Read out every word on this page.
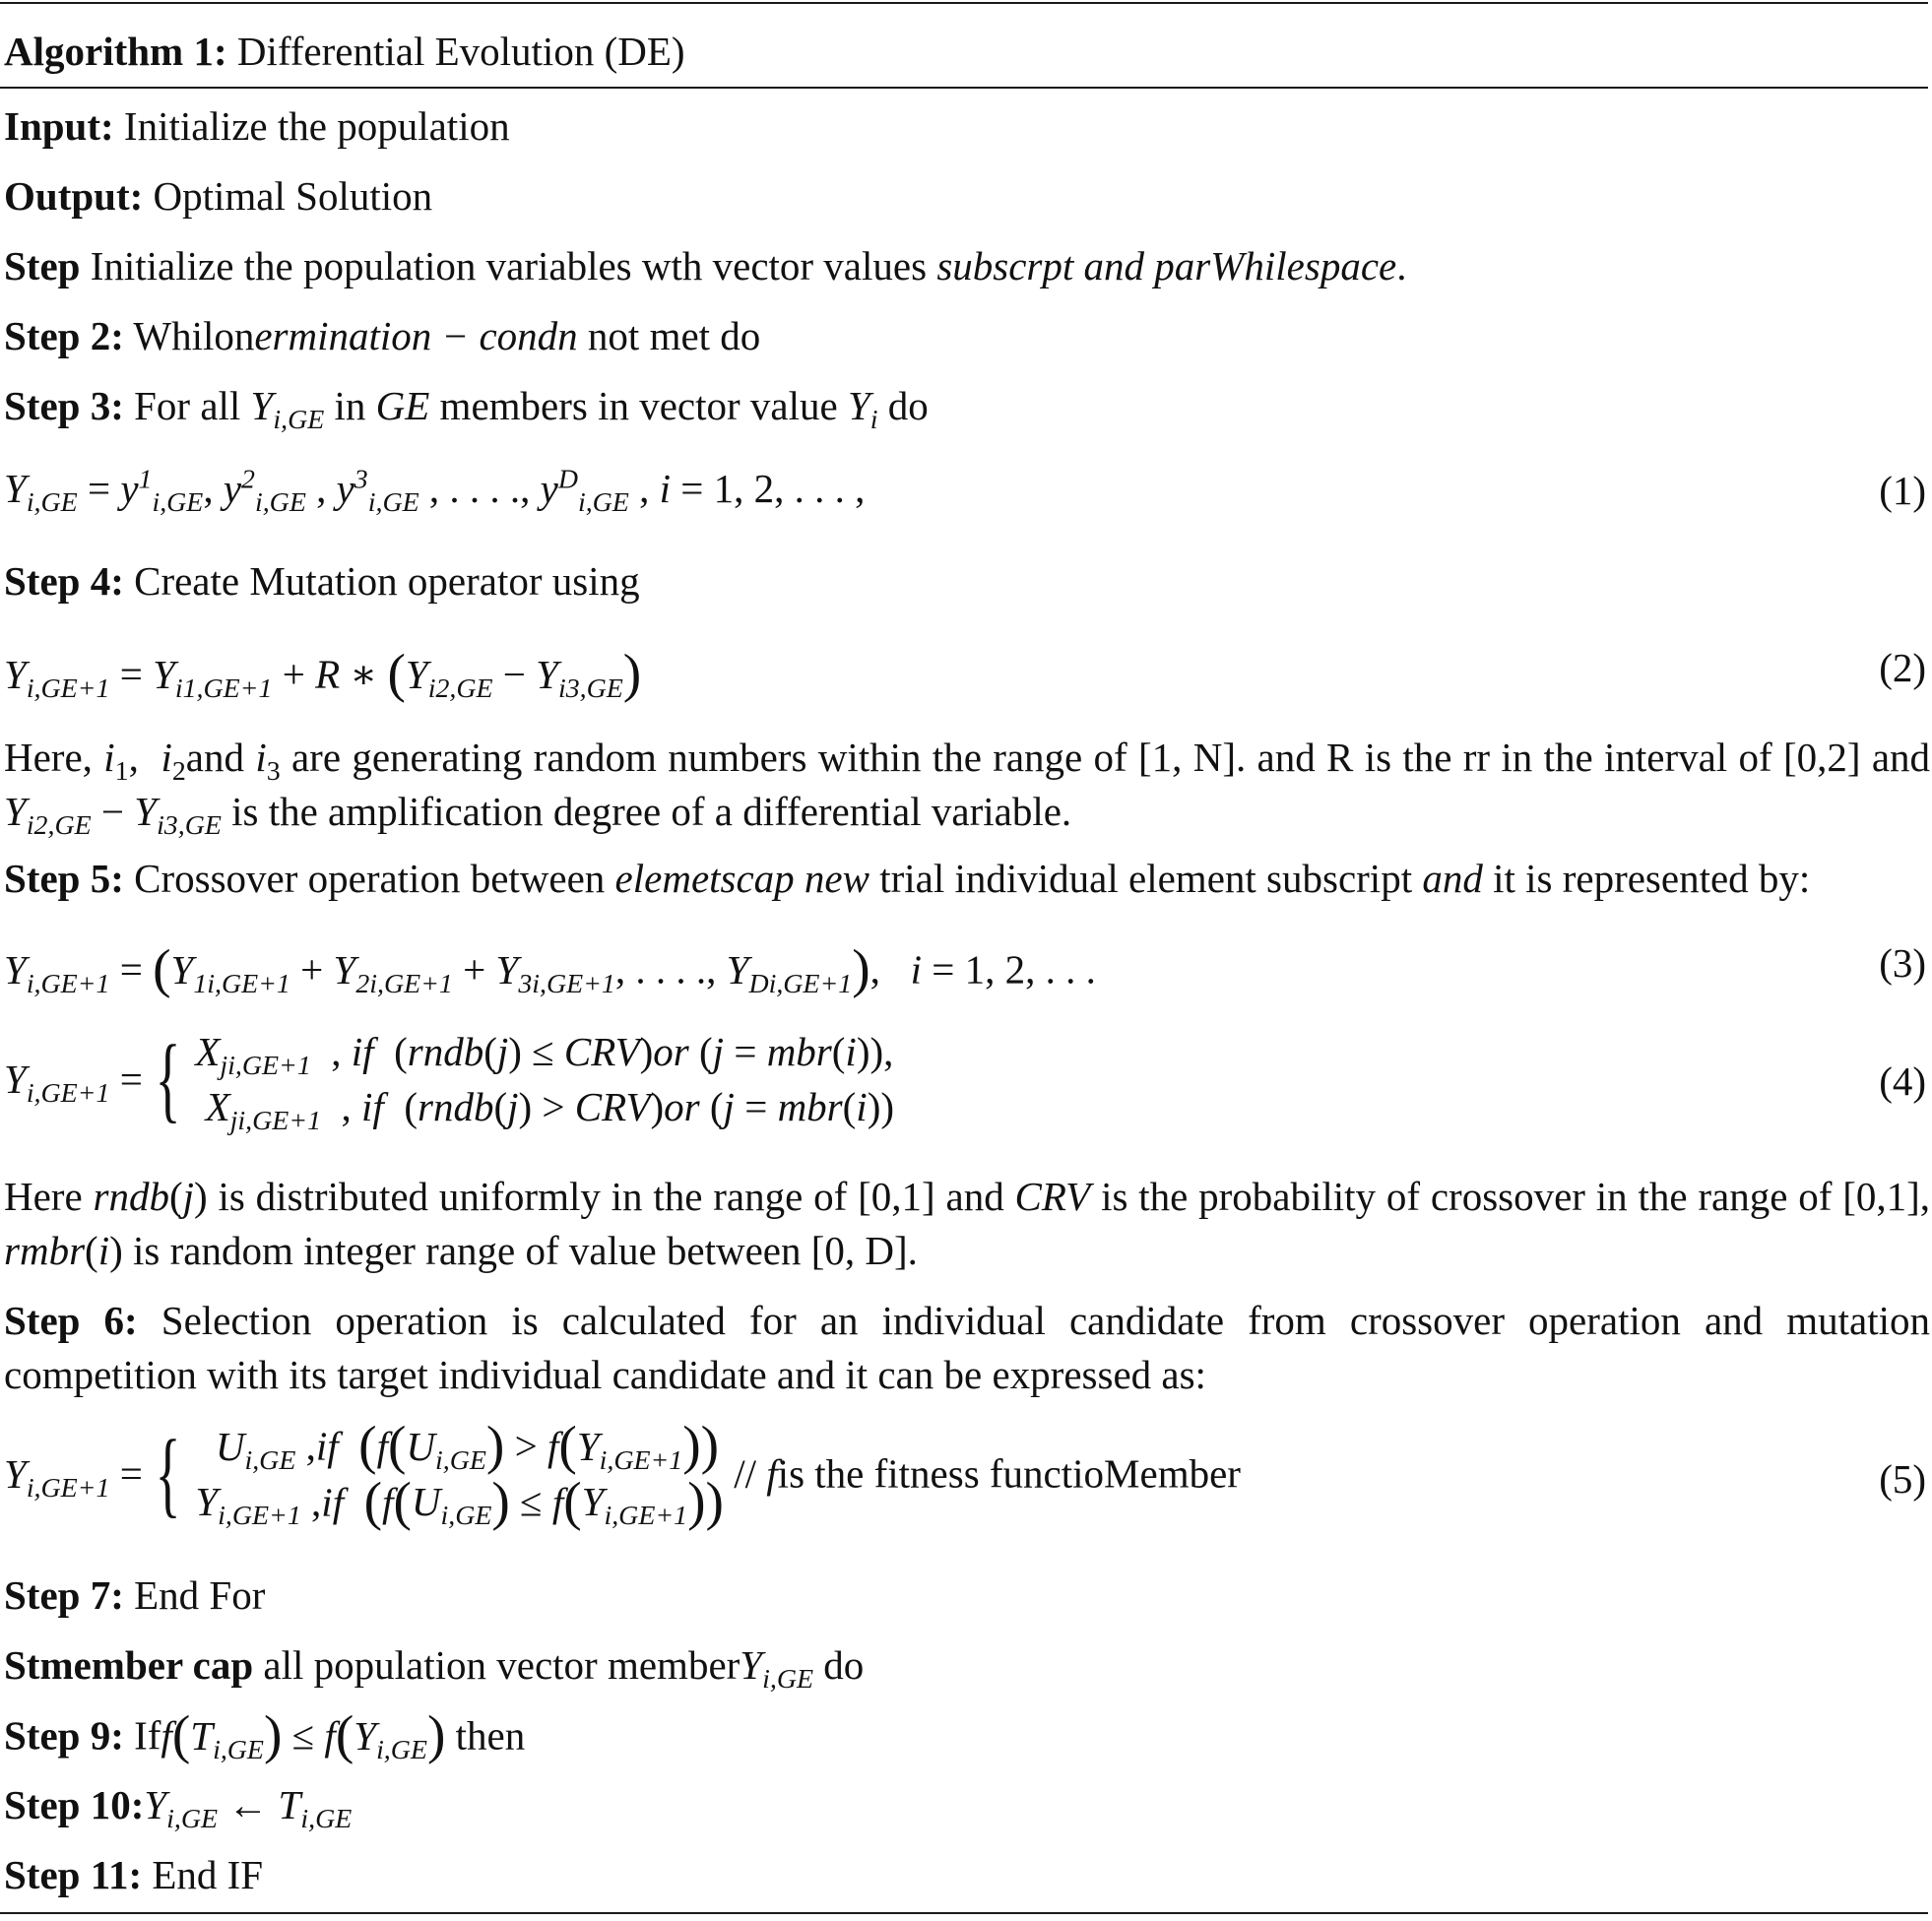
Algorithm 1: Differential Evolution (DE)
Input: Initialize the population
Output: Optimal Solution
Step Initialize the population variables wth vector values subscrpt and parWhilespace.
Step 2: Whilonermination − condn not met do
Step 3: For all $Y_{i,GE}$ in GE members in vector value $Y_i$ do
$Y_{i,GE} = y^1_{i,GE}$, $y^2_{i,GE}$ , $y^3_{i,GE}$ , . . . ., $y^D_{i,GE}$ , i = 1, 2, . . . ,	(1)
Step 4: Create Mutation operator using
$Y_{i,GE+1} = Y_{i1,GE+1} + R$ ∗ $(Y_{i2,GE} - Y_{i3,GE})$	(2)
Here, $i_1$,  $i_2and$ $i_3$ are generating random numbers within the range of [1, N]. and R is the rr in the interval of [0,2] and $Y_{i2,GE} - Y_{i3,GE}$ is the amplification degree of a differential variable.
Step 5: Crossover operation between elemetscap new trial individual element subscript and it is represented by:
$Y_{i,GE+1} = (Y_{1i,GE+1} + Y_{2i,GE+1} + Y_{3i,GE+1}$, . . . ., $Y_{Di,GE+1}$),   i = 1, 2, . . .	(3)
$Y_{i,GE+1}$ = { $X_{ji,GE+1}$  , if  (rndb(j) ≤ CRV)or (j = mbr(i)),
$X_{ji,GE+1}$  , if  (rndb(j) > CRV)or (j = mbr(i))
(4)
Here rndb(j) is distributed uniformly in the range of [0,1] and CRV is the probability of crossover in the range of [0,1], rmbr(i) is random integer range of value between [0, D].
Step 6: Selection operation is calculated for an individual candidate from crossover operation and mutation competition with its target individual candidate and it can be expressed as:
$Y_{i,GE+1}$ = { $U_{i,GE}$ ,if $(f(U_{i,GE}) > f(Y_{i,GE+1}))$
$Y_{i,GE+1}$ ,if $(f(U_{i,GE}) \le f(Y_{i,GE+1}))$ // fis the fitness functioMember	(5)
Step 7: End For
Stmember cap all population vector memberY$_{i,GE}$ do
Step 9: $Iff(T_{i,GE}) \le f(Y_{i,GE})$ then
Step $10:Y_{i,GE}$ ← $T_{i,GE}$
Step 11: End IF
